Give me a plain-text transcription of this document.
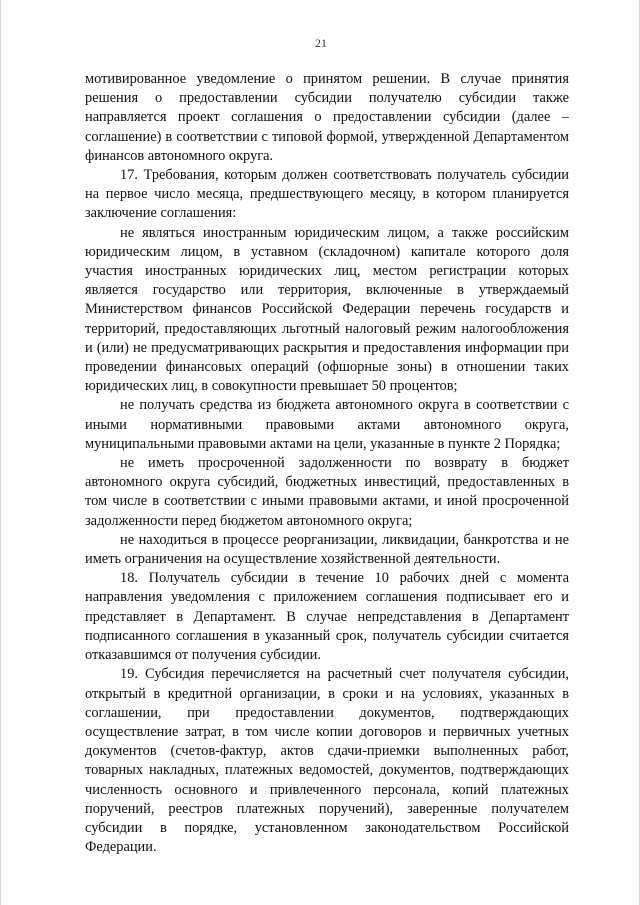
21

мотивированное уведомление о принятом решении. В случае принятия решения о предоставлении субсидии получателю субсидии также направляется проект соглашения о предоставлении субсидии (далее – соглашение) в соответствии с типовой формой, утвержденной Департаментом финансов автономного округа.

17. Требования, которым должен соответствовать получатель субсидии на первое число месяца, предшествующего месяцу, в котором планируется заключение соглашения:

не являться иностранным юридическим лицом, а также российским юридическим лицом, в уставном (складочном) капитале которого доля участия иностранных юридических лиц, местом регистрации которых является государство или территория, включенные в утверждаемый Министерством финансов Российской Федерации перечень государств и территорий, предоставляющих льготный налоговый режим налогообложения и (или) не предусматривающих раскрытия и предоставления информации при проведении финансовых операций (офшорные зоны) в отношении таких юридических лиц, в совокупности превышает 50 процентов;

не получать средства из бюджета автономного округа в соответствии с иными нормативными правовыми актами автономного округа, муниципальными правовыми актами на цели, указанные в пункте 2 Порядка;

не иметь просроченной задолженности по возврату в бюджет автономного округа субсидий, бюджетных инвестиций, предоставленных в том числе в соответствии с иными правовыми актами, и иной просроченной задолженности перед бюджетом автономного округа;

не находиться в процессе реорганизации, ликвидации, банкротства и не иметь ограничения на осуществление хозяйственной деятельности.

18. Получатель субсидии в течение 10 рабочих дней с момента направления уведомления с приложением соглашения подписывает его и представляет в Департамент. В случае непредставления в Департамент подписанного соглашения в указанный срок, получатель субсидии считается отказавшимся от получения субсидии.

19. Субсидия перечисляется на расчетный счет получателя субсидии, открытый в кредитной организации, в сроки и на условиях, указанных в соглашении, при предоставлении документов, подтверждающих осуществление затрат, в том числе копии договоров и первичных учетных документов (счетов-фактур, актов сдачи-приемки выполненных работ, товарных накладных, платежных ведомостей, документов, подтверждающих численность основного и привлеченного персонала, копий платежных поручений, реестров платежных поручений), заверенные получателем субсидии в порядке, установленном законодательством Российской Федерации.
